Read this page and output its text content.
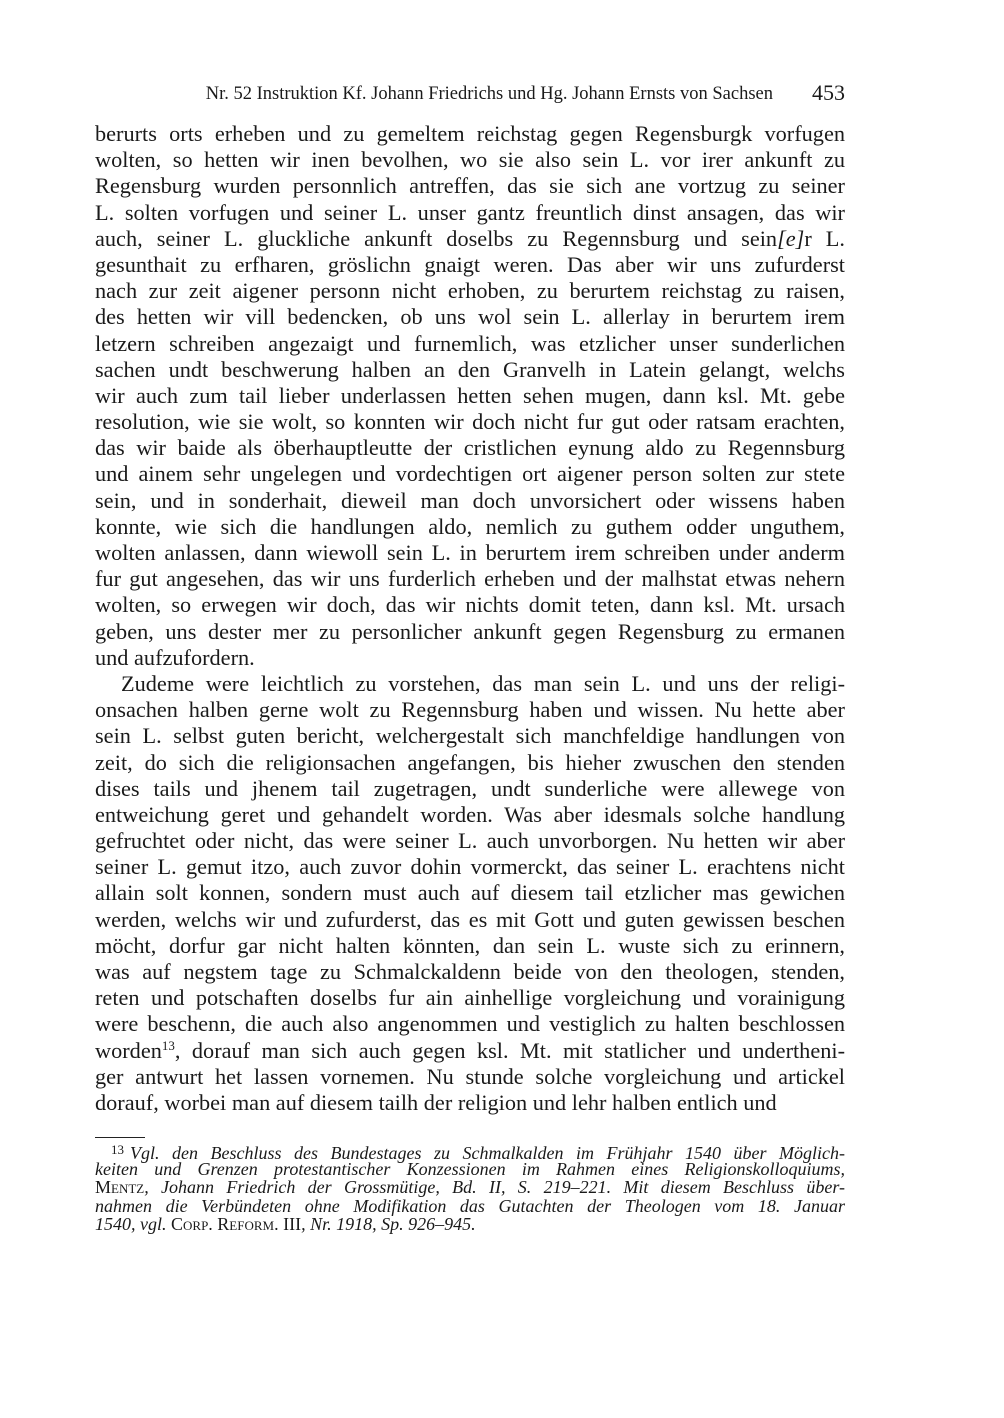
Nr. 52 Instruktion Kf. Johann Friedrichs und Hg. Johann Ernsts von Sachsen 453
berurts orts erheben und zu gemeltem reichstag gegen Regensburgk vorfugen
wolten, so hetten wir inen bevolhen, wo sie also sein L. vor irer ankunft zu
Regensburg wurden personnlich antreffen, das sie sich ane vortzug zu seiner
L. solten vorfugen und seiner L. unser gantz freuntlich dinst ansagen, das wir
auch, seiner L. gluckliche ankunft doselbs zu Regennsburg und sein[e]r L.
gesunthait zu erfharen, gröslichn gnaigt weren. Das aber wir uns zufurderst
nach zur zeit aigener personn nicht erhoben, zu berurtem reichstag zu raisen,
des hetten wir vill bedencken, ob uns wol sein L. allerlay in berurtem irem
letzern schreiben angezaigt und furnemlich, was etzlicher unser sunderlichen
sachen undt beschwerung halben an den Granvelh in Latein gelangt, welchs
wir auch zum tail lieber underlassen hetten sehen mugen, dann ksl. Mt. gebe
resolution, wie sie wolt, so konnten wir doch nicht fur gut oder ratsam erachten,
das wir baide als öberhauptleutte der cristlichen eynung aldo zu Regennsburg
und ainem sehr ungelegen und vordechtigen ort aigener person solten zur stete
sein, und in sonderhait, dieweil man doch unvorsichert oder wissens haben
konnte, wie sich die handlungen aldo, nemlich zu guthem odder unguthem,
wolten anlassen, dann wiewoll sein L. in berurtem irem schreiben under anderm
fur gut angesehen, das wir uns furderlich erheben und der malhstat etwas nehern
wolten, so erwegen wir doch, das wir nichts domit teten, dann ksl. Mt. ursach
geben, uns dester mer zu personlicher ankunft gegen Regensburg zu ermanen
und aufzufordern.
Zudeme were leichtlich zu vorstehen, das man sein L. und uns der religi-
onsachen halben gerne wolt zu Regennsburg haben und wissen. Nu hette aber
sein L. selbst guten bericht, welchergestalt sich manchfeldige handlungen von
zeit, do sich die religionsachen angefangen, bis hieher zwuschen den stenden
dises tails und jhenem tail zugetragen, undt sunderliche were allewege von
entweichung geret und gehandelt worden. Was aber idesmals solche handlung
gefruchtet oder nicht, das were seiner L. auch unvorborgen. Nu hetten wir aber
seiner L. gemut itzo, auch zuvor dohin vormerckt, das seiner L. erachtens nicht
allain solt konnen, sondern must auch auf diesem tail etzlicher mas gewichen
werden, welchs wir und zufurderst, das es mit Gott und guten gewissen beschen
möcht, dorfur gar nicht halten könnten, dan sein L. wuste sich zu erinnern,
was auf negstem tage zu Schmalckaldenn beide von den theologen, stenden,
reten und potschaften doselbs fur ain ainhellige vorgleichung und vorainigung
were beschenn, die auch also angenommen und vestiglich zu halten beschlossen
worden$^{13}$, dorauf man sich auch gegen ksl. Mt. mit statlicher und undertheni-
ger antwurt het lassen vornemen. Nu stunde solche vorgleichung und artickel
dorauf, worbei man auf diesem tailh der religion und lehr halben entlich und
$^{13}$ Vgl. den Beschluss des Bundestages zu Schmalkalden im Frühjahr 1540 über Möglich-
keiten und Grenzen protestantischer Konzessionen im Rahmen eines Religionskolloquiums,
Mentz, Johann Friedrich der Grossmütige, Bd. II, S. 219–221. Mit diesem Beschluss über-
nahmen die Verbündeten ohne Modifikation das Gutachten der Theologen vom 18. Januar
1540, vgl. Corp. Reform. III, Nr. 1918, Sp. 926–945.
